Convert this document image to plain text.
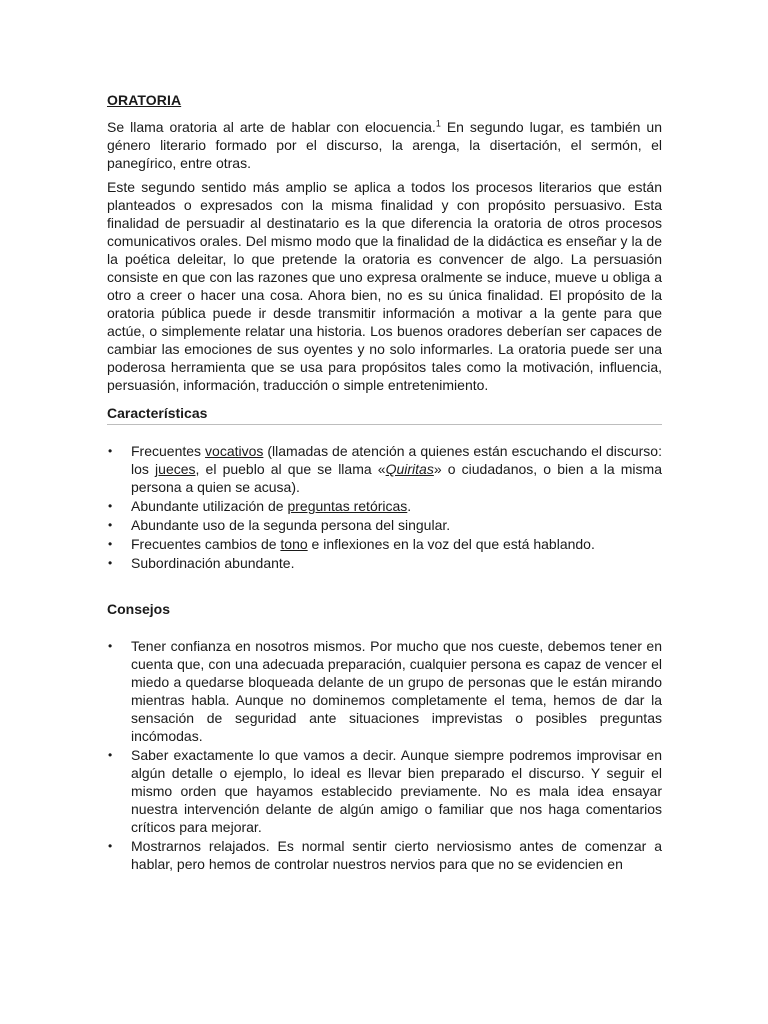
ORATORIA

Se llama oratoria al arte de hablar con elocuencia.$^1$ En segundo lugar, es también un género literario formado por el discurso, la arenga, la disertación, el sermón, el panegírico, entre otras.

Este segundo sentido más amplio se aplica a todos los procesos literarios que están planteados o expresados con la misma finalidad y con propósito persuasivo. Esta finalidad de persuadir al destinatario es la que diferencia la oratoria de otros procesos comunicativos orales. Del mismo modo que la finalidad de la didáctica es enseñar y la de la poética deleitar, lo que pretende la oratoria es convencer de algo. La persuasión consiste en que con las razones que uno expresa oralmente se induce, mueve u obliga a otro a creer o hacer una cosa. Ahora bien, no es su única finalidad. El propósito de la oratoria pública puede ir desde transmitir información a motivar a la gente para que actúe, o simplemente relatar una historia. Los buenos oradores deberían ser capaces de cambiar las emociones de sus oyentes y no solo informarles. La oratoria puede ser una poderosa herramienta que se usa para propósitos tales como la motivación, influencia, persuasión, información, traducción o simple entretenimiento.

Características
• Frecuentes vocativos (llamadas de atención a quienes están escuchando el discurso: los jueces, el pueblo al que se llama «Quiritas» o ciudadanos, o bien a la misma persona a quien se acusa).
• Abundante utilización de preguntas retóricas.
• Abundante uso de la segunda persona del singular.
• Frecuentes cambios de tono e inflexiones en la voz del que está hablando.
• Subordinación abundante.
Consejos
• Tener confianza en nosotros mismos. Por mucho que nos cueste, debemos tener en cuenta que, con una adecuada preparación, cualquier persona es capaz de vencer el miedo a quedarse bloqueada delante de un grupo de personas que le están mirando mientras habla. Aunque no dominemos completamente el tema, hemos de dar la sensación de seguridad ante situaciones imprevistas o posibles preguntas incómodas.
• Saber exactamente lo que vamos a decir. Aunque siempre podremos improvisar en algún detalle o ejemplo, lo ideal es llevar bien preparado el discurso. Y seguir el mismo orden que hayamos establecido previamente. No es mala idea ensayar nuestra intervención delante de algún amigo o familiar que nos haga comentarios críticos para mejorar.
• Mostrarnos relajados. Es normal sentir cierto nerviosismo antes de comenzar a hablar, pero hemos de controlar nuestros nervios para que no se evidencien en
